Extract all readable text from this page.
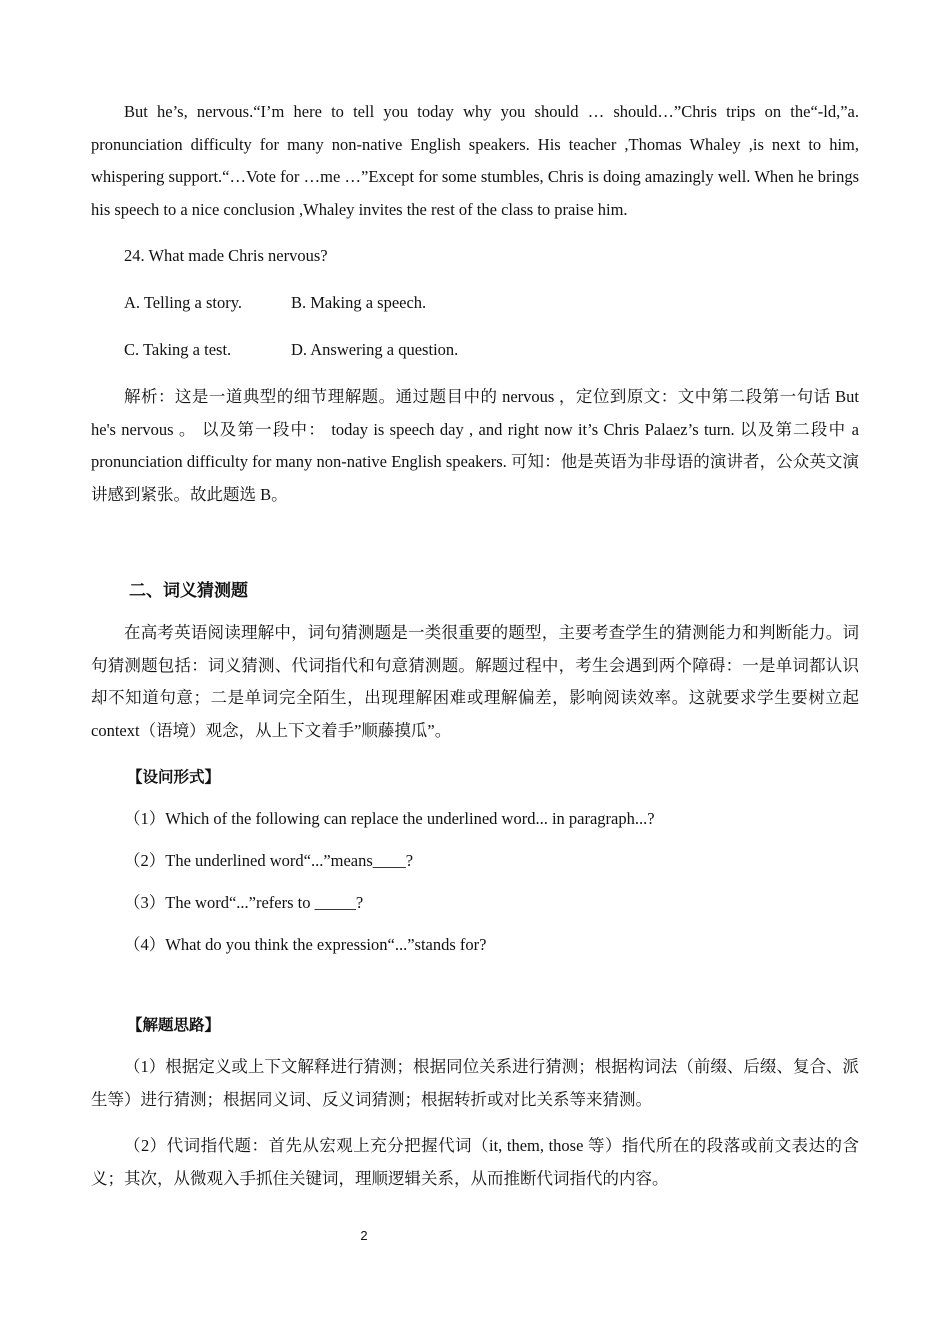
But he’s, nervous.“I’m here to tell you today why you should … should…”Chris trips on the“-ld,”a. pronunciation difficulty for many non-native English speakers. His teacher ,Thomas Whaley ,is next to him, whispering support.“…Vote for …me …”Except for some stumbles, Chris is doing amazingly well. When he brings his speech to a nice conclusion ,Whaley invites the rest of the class to praise him.

24. What made Chris nervous?
A. Telling a story.	B. Making a speech.
C. Taking a test.	D. Answering a question.

解析：这是一道典型的细节理解题。通过题目中的 nervous ，定位到原文：文中第二段第一句话 But he's nervous 。 以及第一段中： today is speech day , and right now it’s Chris Palaez’s turn. 以及第二段中 a pronunciation difficulty for many non-native English speakers. 可知：他是英语为非母语的演讲者，公众英文演讲感到紧张。故此题选 B。

二、词义猜测题

在高考英语阅读理解中，词句猜测题是一类很重要的题型，主要考查学生的猜测能力和判断能力。词句猜测题包括：词义猜测、代词指代和句意猜测题。解题过程中，考生会遇到两个障碍：一是单词都认识却不知道句意；二是单词完全陌生，出现理解困难或理解偏差，影响阅读效率。这就要求学生要树立起 context（语境）观念，从上下文着手”顺藤摸瓜”。

【设问形式】
（1）Which of the following can replace the underlined word... in paragraph...?
（2）The underlined word“...”means____?
（3）The word“...”refers to _____?
（4）What do you think the expression“...”stands for?
【解题思路】

（1）根据定义或上下文解释进行猜测；根据同位关系进行猜测；根据构词法（前缀、后缀、复合、派生等）进行猜测；根据同义词、反义词猜测；根据转折或对比关系等来猜测。

（2）代词指代题：首先从宏观上充分把握代词（it, them, those 等）指代所在的段落或前文表达的含义；其次，从微观入手抓住关键词，理顺逻辑关系，从而推断代词指代的内容。

2
